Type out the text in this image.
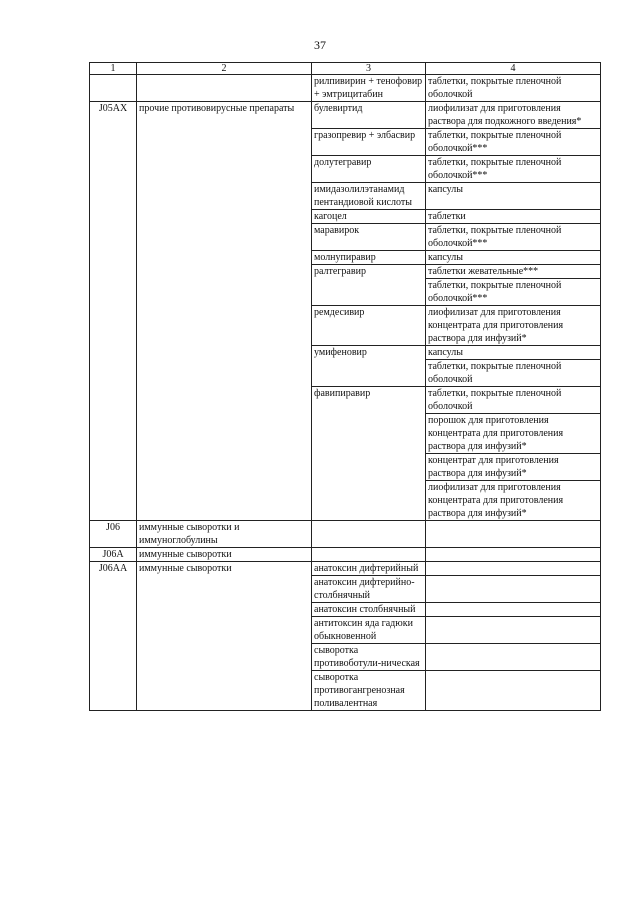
37
1	2	3	4
		рилпивирин + тенофовир + эмтрицитабин	таблетки, покрытые пленочной оболочкой
J05AX	прочие противовирусные препараты	булевиртид	лиофилизат для приготовления раствора для подкожного введения*
		гразопревир + элбасвир	таблетки, покрытые пленочной оболочкой***
		долутегравир	таблетки, покрытые пленочной оболочкой***
		имидазолилэтанамид пентандиовой кислоты	капсулы
		кагоцел	таблетки
		маравирок	таблетки, покрытые пленочной оболочкой***
		молнупиравир	капсулы
		ралтегравир	таблетки жевательные***
			таблетки, покрытые пленочной оболочкой***
		ремдесивир	лиофилизат для приготовления концентрата для приготовления раствора для инфузий*
		умифеновир	капсулы
			таблетки, покрытые пленочной оболочкой
		фавипиравир	таблетки, покрытые пленочной оболочкой
			порошок для приготовления концентрата для приготовления раствора для инфузий*
			концентрат для приготовления раствора для инфузий*
			лиофилизат для приготовления концентрата для приготовления раствора для инфузий*
J06	иммунные сыворотки и иммуноглобулины		
J06A	иммунные сыворотки		
J06AA	иммунные сыворотки	анатоксин дифтерийный	
		анатоксин дифтерийно-столбнячный	
		анатоксин столбнячный	
		антитоксин яда гадюки обыкновенной	
		сыворотка противоботули-ническая	
		сыворотка противогангренозная поливалентная	
